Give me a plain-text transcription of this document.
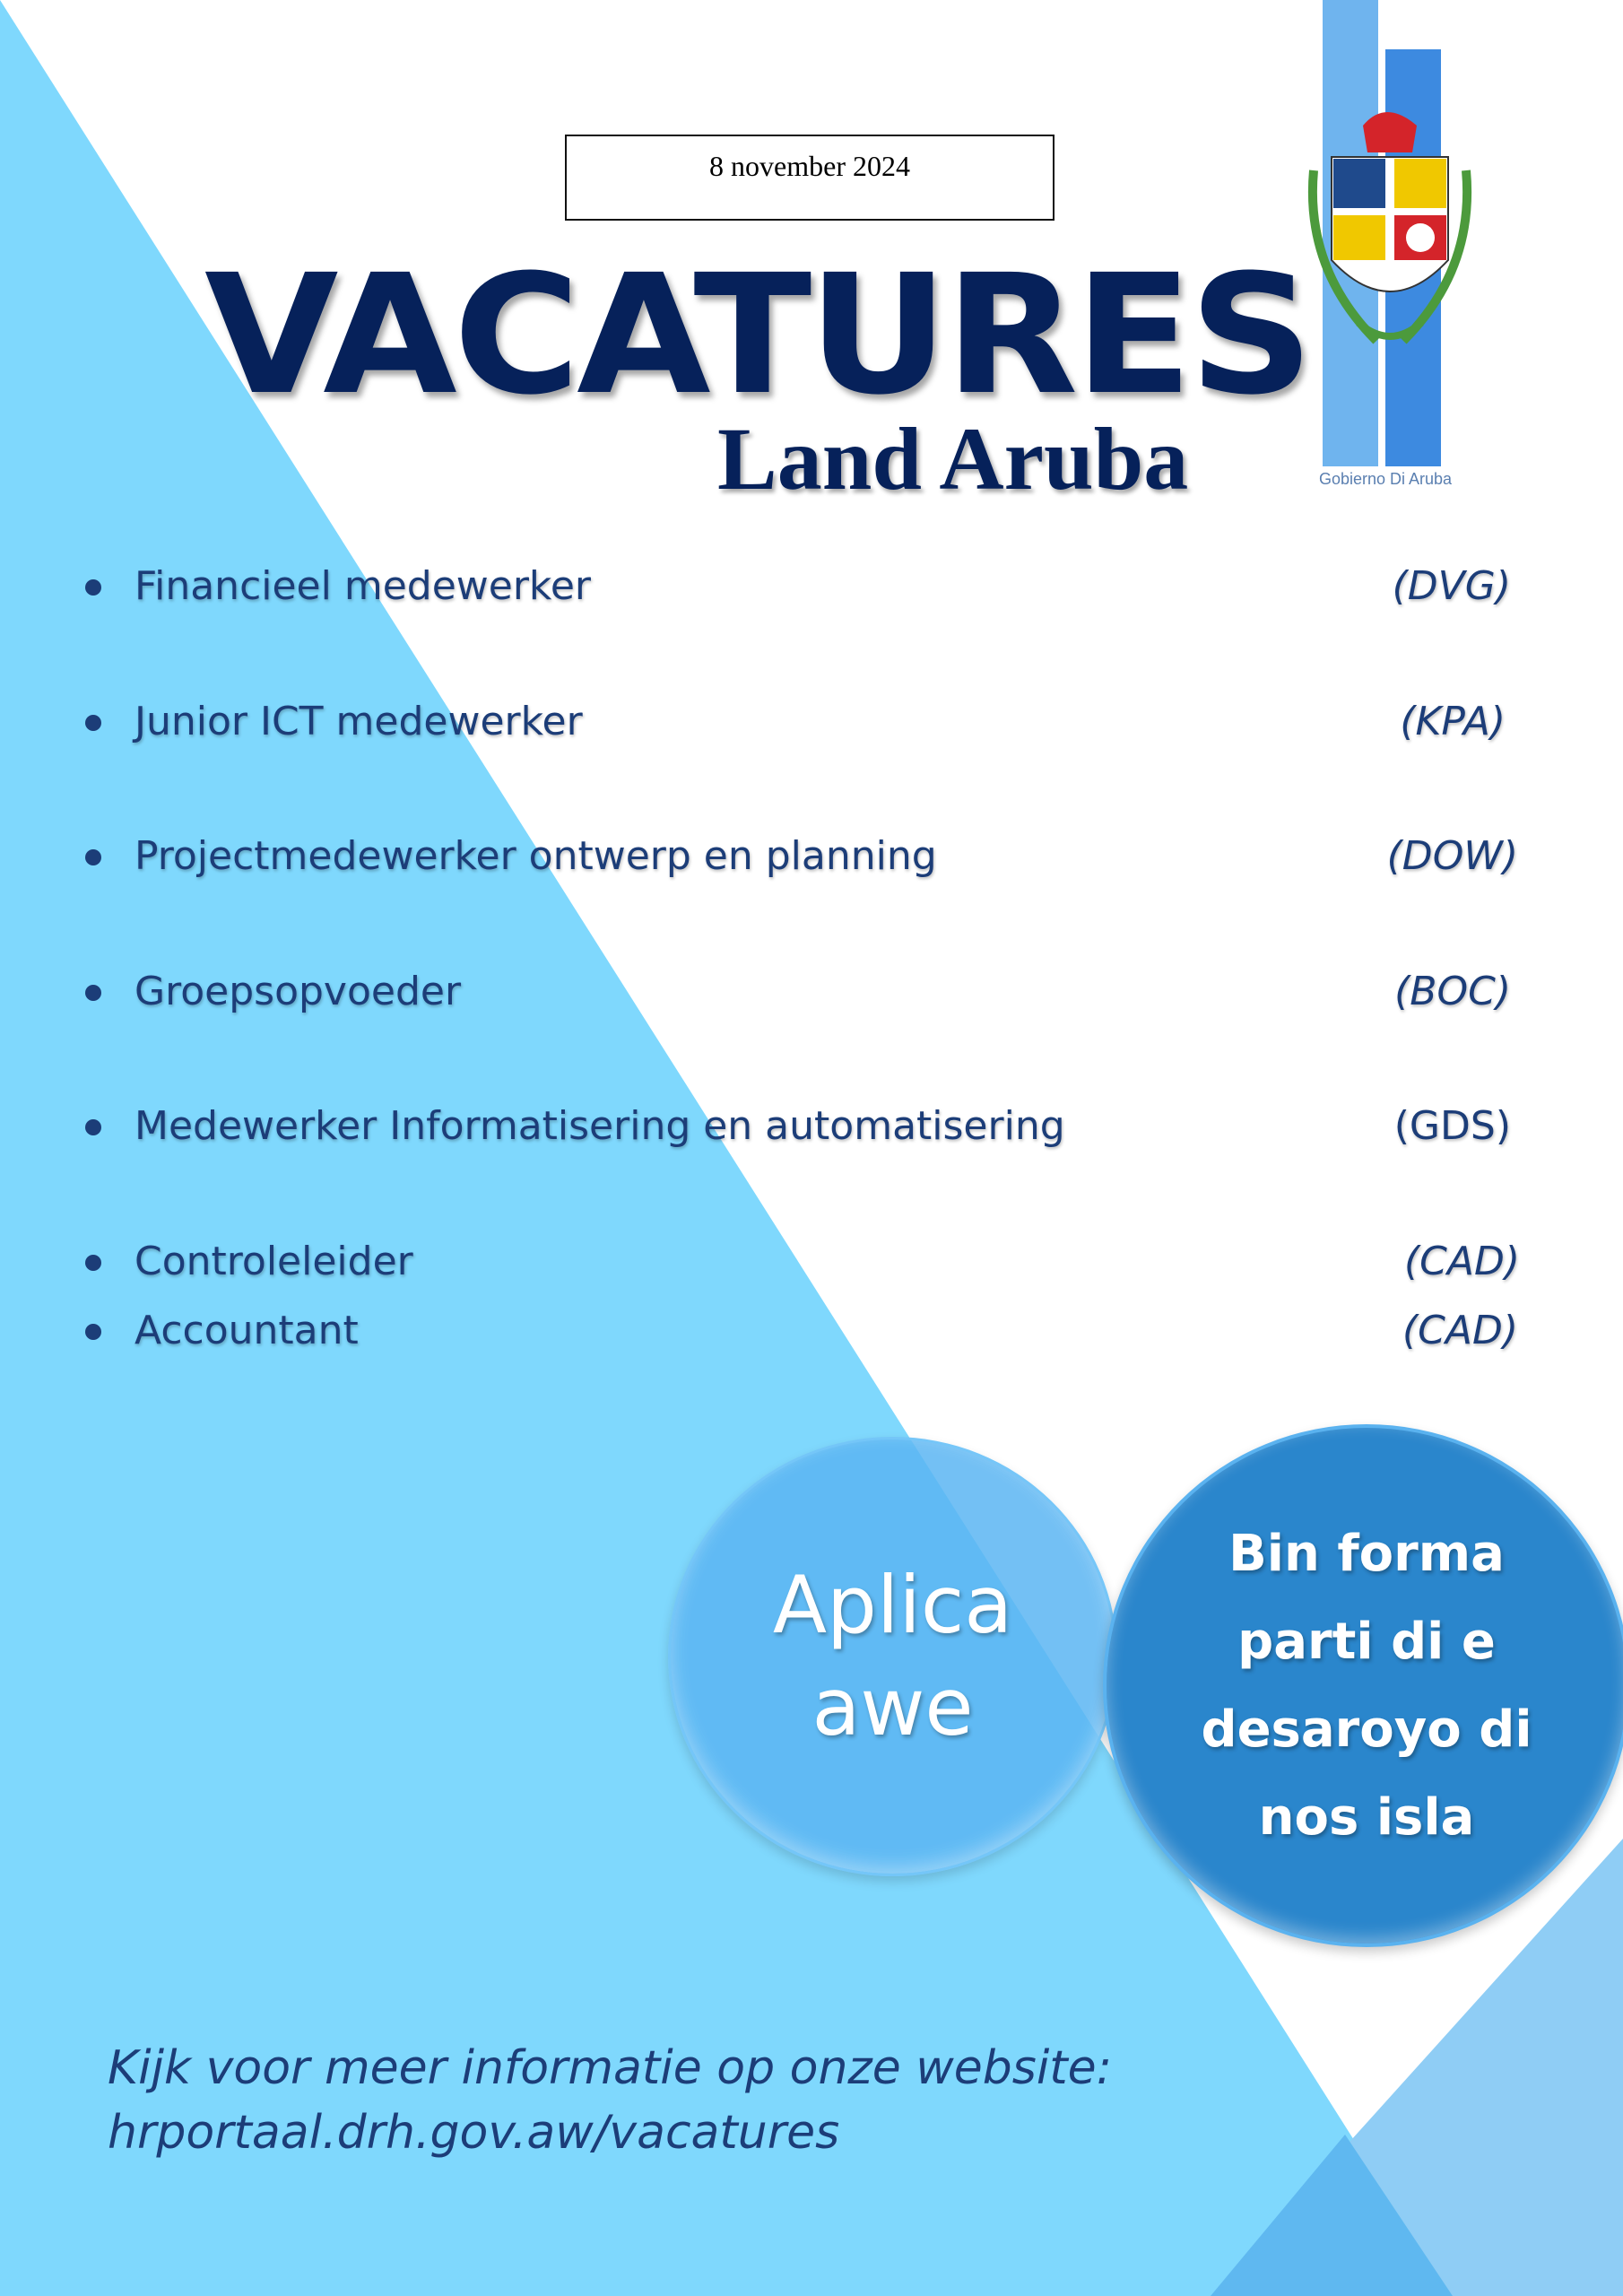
8 november 2024
VACATURES
Land Aruba	Gobierno Di Aruba
Financieel medewerker	(DVG)
Junior ICT medewerker	(KPA)
Projectmedewerker ontwerp en planning	(DOW)
Groepsopvoeder	(BOC)
Medewerker Informatisering en automatisering	(GDS)
Controleleider	(CAD)
Accountant	(CAD)
Aplica
awe
Bin forma
parti di e
desaroyo di
nos isla
Kijk voor meer informatie op onze website:
hrportaal.drh.gov.aw/vacatures
